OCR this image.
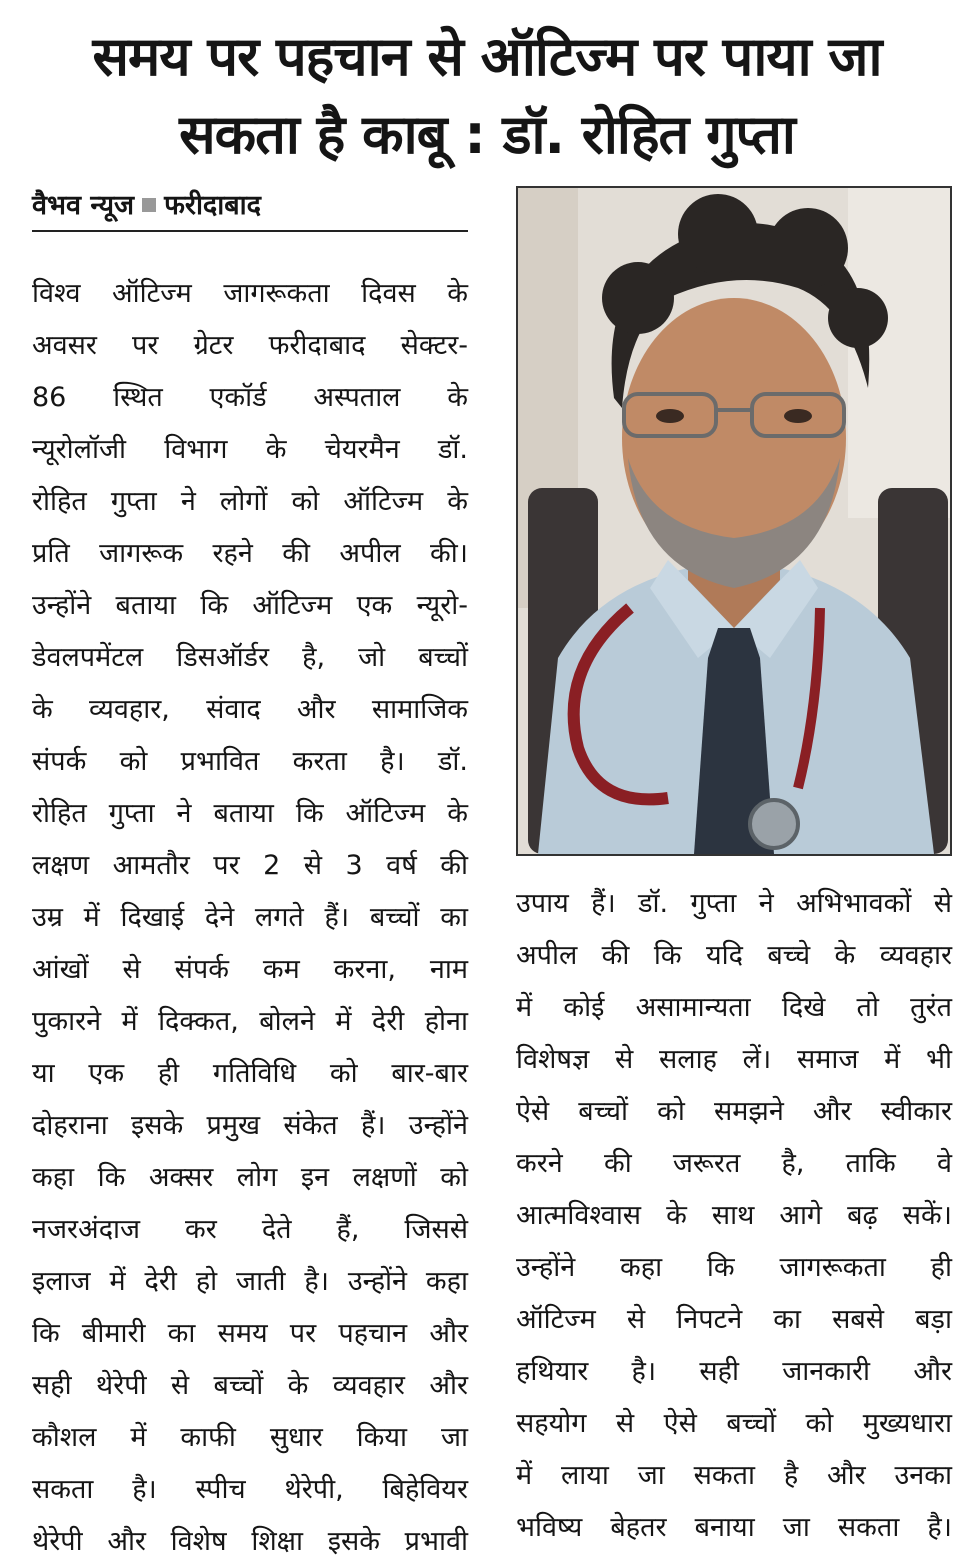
समय पर पहचान से ऑटिज्म पर पाया जा
सकता है काबू : डॉ. रोहित गुप्ता
वैभव न्यूज फरीदाबाद
विश्व ऑटिज्म जागरूकता दिवस के
अवसर पर ग्रेटर फरीदाबाद सेक्टर-
86 स्थित एकॉर्ड अस्पताल के
न्यूरोलॉजी विभाग के चेयरमैन डॉ.
रोहित गुप्ता ने लोगों को ऑटिज्म के
प्रति जागरूक रहने की अपील की।
उन्होंने बताया कि ऑटिज्म एक न्यूरो-
डेवलपमेंटल डिसऑर्डर है, जो बच्चों
के व्यवहार, संवाद और सामाजिक
संपर्क को प्रभावित करता है। डॉ.
रोहित गुप्ता ने बताया कि ऑटिज्म के
लक्षण आमतौर पर 2 से 3 वर्ष की
उम्र में दिखाई देने लगते हैं। बच्चों का
आंखों से संपर्क कम करना, नाम
पुकारने में दिक्कत, बोलने में देरी होना
या एक ही गतिविधि को बार-बार
दोहराना इसके प्रमुख संकेत हैं। उन्होंने
कहा कि अक्सर लोग इन लक्षणों को
नजरअंदाज कर देते हैं, जिससे
इलाज में देरी हो जाती है। उन्होंने कहा
कि बीमारी का समय पर पहचान और
सही थेरेपी से बच्चों के व्यवहार और
कौशल में काफी सुधार किया जा
सकता है। स्पीच थेरेपी, बिहेवियर
थेरेपी और विशेष शिक्षा इसके प्रभावी
उपाय हैं। डॉ. गुप्ता ने अभिभावकों से
अपील की कि यदि बच्चे के व्यवहार
में कोई असामान्यता दिखे तो तुरंत
विशेषज्ञ से सलाह लें। समाज में भी
ऐसे बच्चों को समझने और स्वीकार
करने की जरूरत है, ताकि वे
आत्मविश्वास के साथ आगे बढ़ सकें।
उन्होंने कहा कि जागरूकता ही
ऑटिज्म से निपटने का सबसे बड़ा
हथियार है। सही जानकारी और
सहयोग से ऐसे बच्चों को मुख्यधारा
में लाया जा सकता है और उनका
भविष्य बेहतर बनाया जा सकता है।
